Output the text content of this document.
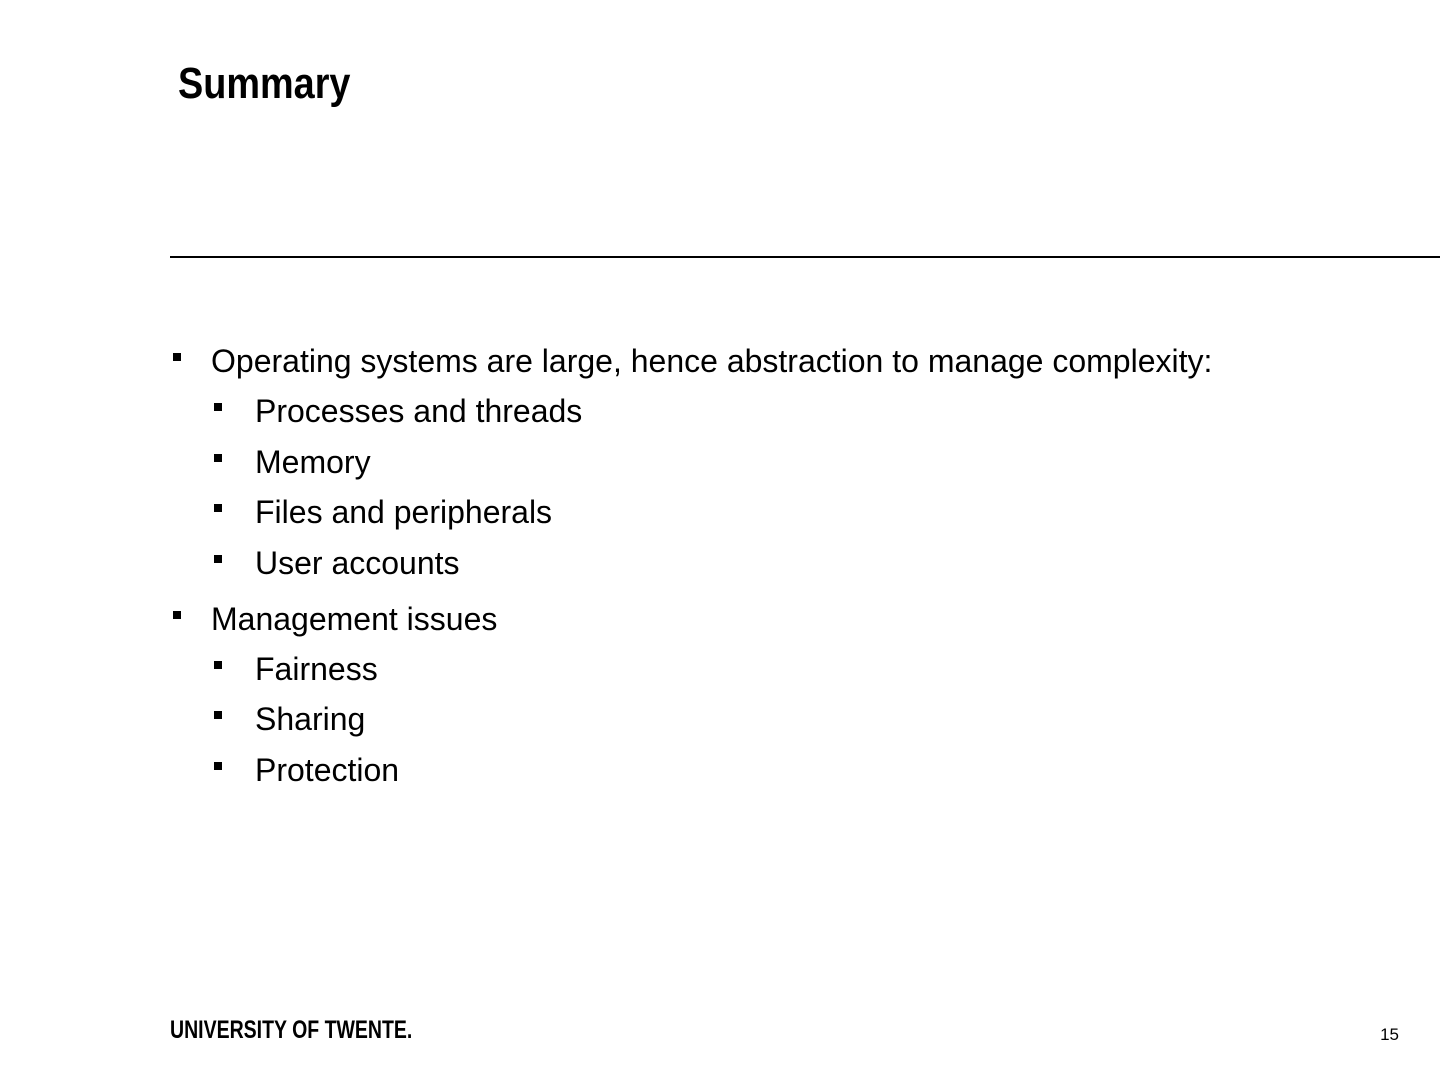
Summary
Operating systems are large, hence abstraction to manage complexity:
Processes and threads
Memory
Files and peripherals
User accounts
Management issues
Fairness
Sharing
Protection
UNIVERSITY OF TWENTE.	15
